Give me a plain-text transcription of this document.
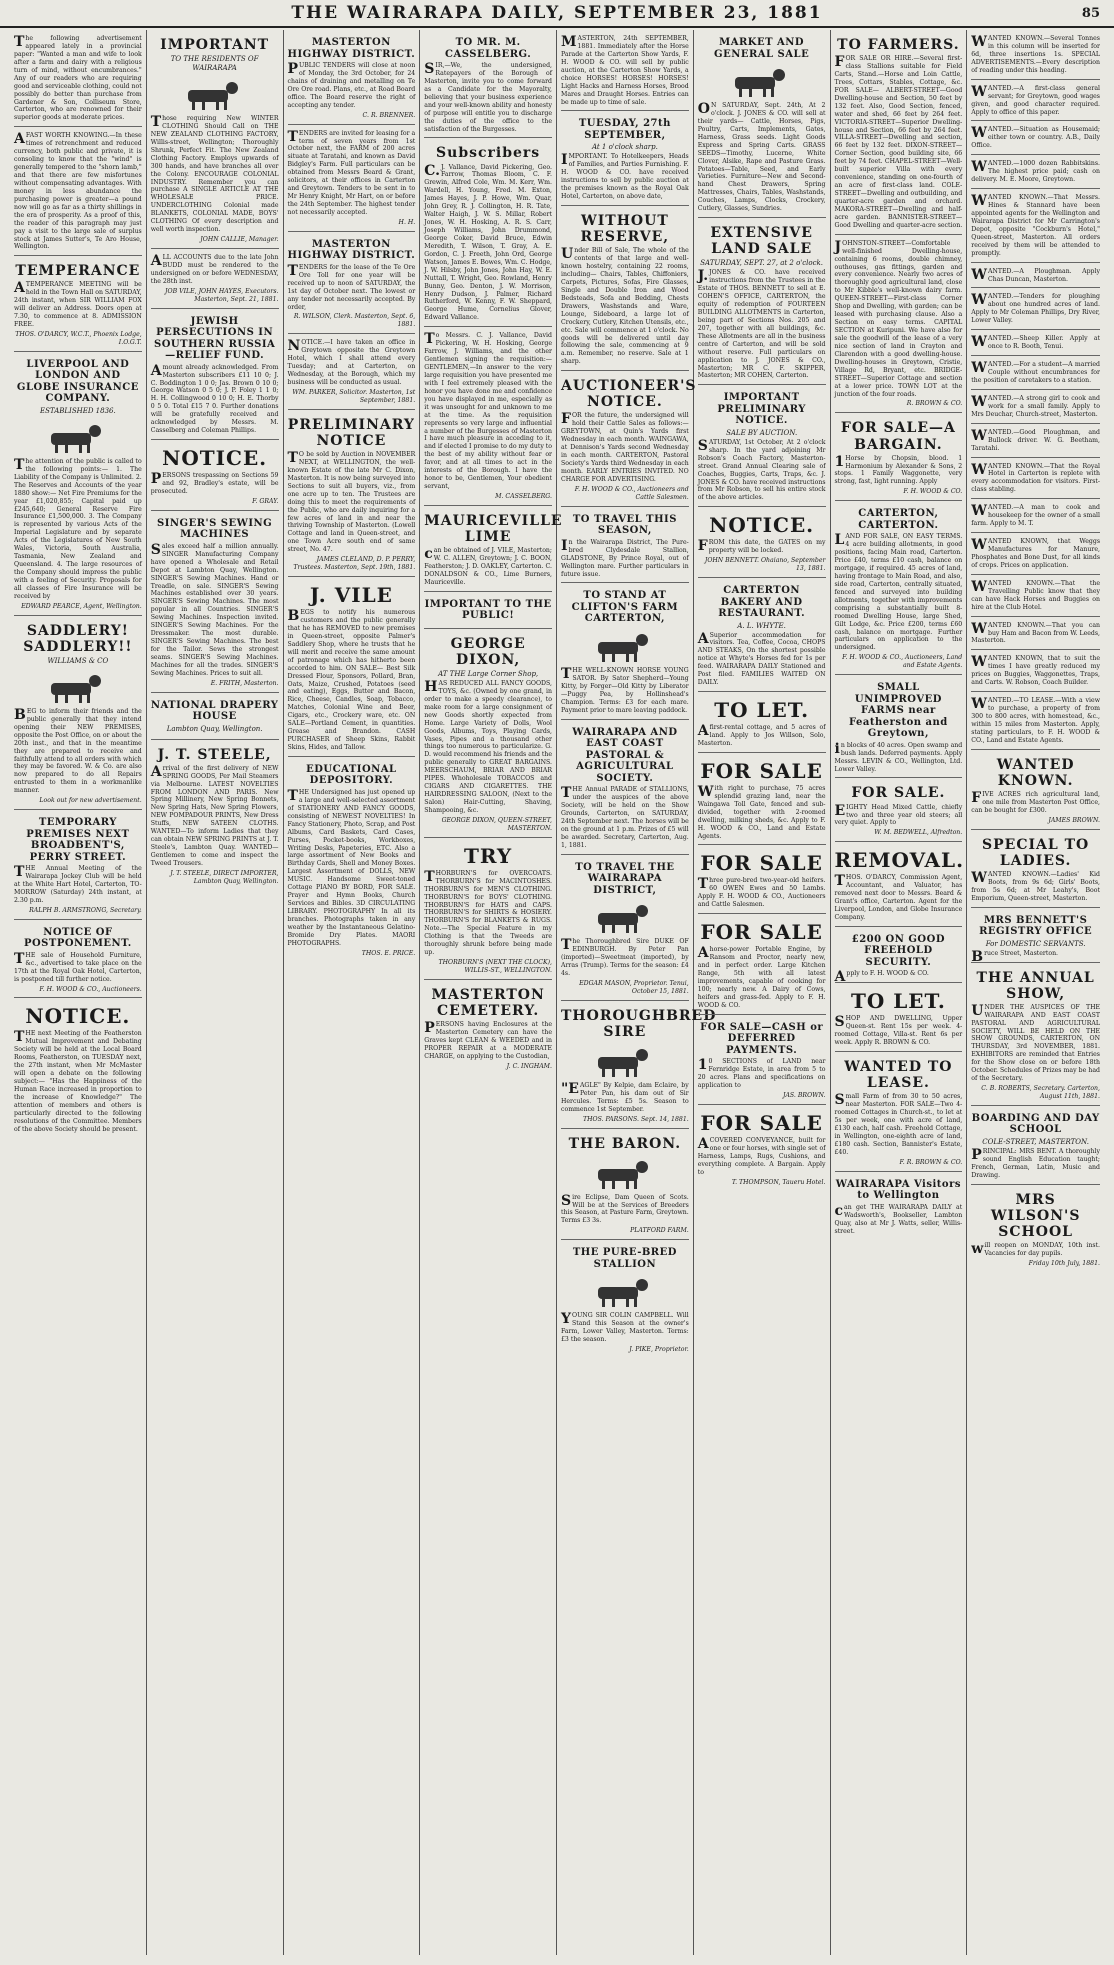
THE WAIRARAPA DAILY, SEPTEMBER 23, 1881	85
The following advertisement appeared lately in a provincial paper: "Wanted a man and wife to look after a farm and dairy with a religious turn of mind, without encumbrances." Any of our readers who are requiring good and serviceable clothing, could not possibly do better than purchase from Gardener & Son, Colliseum Store, Carterton, who are renowned for their superior goods at moderate prices.
AFAST WORTH KNOWING.—In these times of retrenchment and reduced currency, both public and private, it is consoling to know that the "wind" is generally tempered to the "shorn lamb," and that there are few misfortunes without compensating advantages. With money in less abundance the purchasing power is greater—a pound now will go as far as a thirty shillings in the era of prosperity. As a proof of this, the reader of this paragraph may just pay a visit to the large sale of surplus stock at James Sutter's, Te Aro House, Wellington.
TEMPERANCE
ATEMPERANCE MEETING will be held in the Town Hall on SATURDAY, 24th instant, when SIR WILLIAM FOX will deliver an Address. Doors open at 7.30, to commence at 8. ADMISSION FREE.
THOS. O'DARCY, W.C.T., Phoenix Lodge, I.O.G.T.
LIVERPOOL AND LONDON AND GLOBE INSURANCE COMPANY.
ESTABLISHED 1836.
The attention of the public is called to the following points:— 1. The Liability of the Company is Unlimited. 2. The Reserves and Accounts of the year 1880 show:— Net Fire Premiums for the year £1,020,855; Capital paid up £245,640; General Reserve Fire Insurance £1,500,000. 3. The Company is represented by various Acts of the Imperial Legislature and by separate Acts of the Legislatures of New South Wales, Victoria, South Australia, Tasmania, New Zealand and Queensland. 4. The large resources of the Company should impress the public with a feeling of Security. Proposals for all classes of Fire Insurance will be received by
EDWARD PEARCE, Agent, Wellington.
SADDLERY! SADDLERY!!
WILLIAMS & CO
BEG to inform their friends and the public generally that they intend opening their NEW PREMISES, opposite the Post Office, on or about the 20th inst., and that in the meantime they are prepared to receive and faithfully attend to all orders with which they may be favored. W. & Co. are also now prepared to do all Repairs entrusted to them in a workmanlike manner.
Look out for new advertisement.
TEMPORARY PREMISES NEXT BROADBENT'S, PERRY STREET.
THE Annual Meeting of the Wairarapa Jockey Club will be held at the White Hart Hotel, Carterton, TO-MORROW (Saturday) 24th instant, at 2.30 p.m.
RALPH B. ARMSTRONG, Secretary.
NOTICE OF POSTPONEMENT.
THE sale of Household Furniture, &c., advertised to take place on the 17th at the Royal Oak Hotel, Carterton, is postponed till further notice.
F. H. WOOD & CO., Auctioneers.
NOTICE.
THE next Meeting of the Featherston Mutual Improvement and Debating Society will be held at the Local Board Rooms, Featherston, on TUESDAY next, the 27th instant, when Mr McMaster will open a debate on the following subject:— "Has the Happiness of the Human Race increased in proportion to the increase of Knowledge?" The attention of members and others is particularly directed to the following resolutions of the Committee. Members of the above Society should be present.
IMPORTANT
TO THE RESIDENTS OF WAIRARAPA
Those requiring New WINTER CLOTHING Should Call on THE NEW ZEALAND CLOTHING FACTORY, Willis-street, Wellington; Thoroughly Shrunk, Perfect Fit. The New Zealand Clothing Factory. Employs upwards of 300 hands, and have branches all over the Colony. ENCOURAGE COLONIAL INDUSTRY. Remember you can purchase A SINGLE ARTICLE AT THE WHOLESALE PRICE. UNDERCLOTHING Colonial made BLANKETS, COLONIAL MADE, BOYS' CLOTHING Of every description and well worth inspection.
JOHN CALLIE, Manager.
ALL ACCOUNTS due to the late John BUDD must be rendered to the undersigned on or before WEDNESDAY, the 28th inst.
JOB VILE, JOHN HAYES, Executors. Masterton, Sept. 21, 1881.
JEWISH PERSECUTIONS IN SOUTHERN RUSSIA—RELIEF FUND.
Amount already acknowledged. From Masterton subscribers £11 10 0; J. C. Boddington 1 0 0; Jas. Brown 0 10 0; George Watson 0 5 0; J. P. Foley 1 1 0; H. H. Collingwood 0 10 0; H. E. Thorby 0 5 0. Total £15 7 0. Further donations will be gratefully received and acknowledged by Messrs. M. Casselberg and Coleman Phillips.
NOTICE.
PERSONS trespassing on Sections 59 and 92, Bradley's estate, will be prosecuted.
F. GRAY.
SINGER'S SEWING MACHINES
Sales exceed half a million annually. SINGER Manufacturing Company have opened a Wholesale and Retail Depot at Lambton Quay, Wellington. SINGER'S Sewing Machines. Hand or Treadle, on sale. SINGER'S Sewing Machines established over 30 years. SINGER'S Sewing Machines. The most popular in all Countries. SINGER'S Sewing Machines. Inspection invited. SINGER'S Sewing Machines. For the Dressmaker. The most durable. SINGER'S Sewing Machines. The best for the Tailor. Sews the strongest seams. SINGER'S Sewing Machines. Machines for all the trades. SINGER'S Sewing Machines. Prices to suit all.
E. FRITH, Masterton.
NATIONAL DRAPERY HOUSE
Lambton Quay, Wellington.
J. T. STEELE,
Arrival of the first delivery of NEW SPRING GOODS, Per Mail Steamers via Melbourne. LATEST NOVELTIES FROM LONDON AND PARIS. New Spring Millinery, New Spring Bonnets, New Spring Hats, New Spring Flowers, NEW POMPADOUR PRINTS, New Dress Stuffs, NEW SATEEN CLOTHS. WANTED—To inform Ladies that they can obtain NEW SPRING PRINTS at J. T. Steele's, Lambton Quay. WANTED—Gentlemen to come and inspect the Tweed Trousers.
J. T. STEELE, DIRECT IMPORTER, Lambton Quay, Wellington.
MASTERTON HIGHWAY DISTRICT.
PUBLIC TENDERS will close at noon of Monday, the 3rd October, for 24 chains of draining and metalling on Te Ore Ore road. Plans, etc., at Road Board office. The Board reserve the right of accepting any tender.
C. R. BRENNER.
TENDERS are invited for leasing for a term of seven years from 1st October next, the FARM of 200 acres situate at Taratahi, and known as David Bidgley's Farm. Full particulars can be obtained from Messrs Beard & Grant, solicitors, at their offices in Carterton and Greytown. Tenders to be sent in to Mr Henry Knight, Mr Hart, on or before the 24th September. The highest tender not necessarily accepted.
H. H.
MASTERTON HIGHWAY DISTRICT.
TENDERS for the lease of the Te Ore Ore Toll for one year will be received up to noon of SATURDAY, the 1st day of October next. The lowest or any tender not necessarily accepted. By order,
R. WILSON, Clerk. Masterton, Sept. 6, 1881.
NOTICE.—I have taken an office in Greytown opposite the Greytown Hotel, which I shall attend every Tuesday; and at Carterton, on Wednesday, at the Borough, which my business will be conducted as usual.
WM. PARKER, Solicitor. Masterton, 1st September, 1881.
PRELIMINARY NOTICE
TO be sold by Auction in NOVEMBER NEXT, at WELLINGTON, the well-known Estate of the late Mr C. Dixon, Masterton. It is now being surveyed into Sections to suit all buyers, viz., from one acre up to ten. The Trustees are doing this to meet the requirements of the Public, who are daily inquiring for a few acres of land in and near the thriving Township of Masterton. (Lowell Cottage and land in Queen-street, and one Town Acre south end of same street, No. 47.
JAMES CLELAND, D. P. PERRY, Trustees. Masterton, Sept. 19th, 1881.
J. VILE
BEGS to notify his numerous customers and the public generally that he has REMOVED to new premises in Queen-street, opposite Palmer's Saddlery Shop, where he trusts that he will merit and receive the same amount of patronage which has hitherto been accorded to him. ON SALE— Best Silk Dressed Flour, Sponsors, Pollard, Bran, Oats, Maize, Crushed, Potatoes (seed and eating), Eggs, Butter and Bacon, Rice, Cheese, Candles, Soap, Tobacco, Matches, Colonial Wine and Beer, Cigars, etc., Crockery ware, etc. ON SALE—Portland Cement, in quantities. Grease and Brandon. CASH PURCHASER of Sheep Skins, Rabbit Skins, Hides, and Tallow.
EDUCATIONAL DEPOSITORY.
THE Undersigned has just opened up a large and well-selected assortment of STATIONERY AND FANCY GOODS, consisting of NEWEST NOVELTIES! In Fancy Stationery, Photo, Scrap, and Post Albums, Card Baskets, Card Cases, Purses, Pocket-books, Workboxes, Writing Desks, Papeteries, ETC. Also a large assortment of New Books and Birthday Cards, Shell and Money Boxes. Largest Assortment of DOLLS, NEW MUSIC. Handsome Sweet-toned Cottage PIANO BY BORD, FOR SALE. Prayer and Hymn Books, Church Services and Bibles. 3D CIRCULATING LIBRARY. PHOTOGRAPHY In all its branches. Photographs taken in any weather by the Instantaneous Gelatino-Bromide Dry Plates. MAORI PHOTOGRAPHS.
THOS. E. PRICE.
TO MR. M. CASSELBERG.
SIR,—We, the undersigned, Ratepayers of the Borough of Masterton, invite you to come forward as a Candidate for the Mayoralty, believing that your business experience and your well-known ability and honesty of purpose will entitle you to discharge the duties of the office to the satisfaction of the Burgesses.
Subscribers
C.J. Vallance, David Pickering, Geo. Farrow, Thomas Bloom, C. F. Grewin, Alfred Cole, Wm. M. Kerr, Wm. Wardell, H. Young, Fred. M. Exton, James Hayes, J. P. Howe, Wm. Quar, John Grey, R. J. Collington, H. R. Tate, Walter Haigh, J. W. S. Millar, Robert Jones, W. H. Hosking, A. R. S. Carr, Joseph Williams, John Drummond, George Coker, David Bruce, Edwin Meredith, T. Wilson, T. Gray, A. E. Gordon, C. J. Freeth, John Ord, George Watson, James E. Bowes, Wm. C. Hodge, J. W. Hilsby, John Jones, John Hay, W. E. Nuttall, T. Wright, Geo. Rowland, Henry Bunny, Geo. Denton, J. W. Morrison, Henry Dudson, J. Palmer, Richard Rutherford, W. Kenny, F. W. Sheppard, George Hume, Cornelius Glover, Edward Vallance.
To Messrs. C. J. Vallance, David Pickering, W. H. Hosking, George Farrow, J. Williams, and the other Gentlemen signing the requisition:— GENTLEMEN,—In answer to the very large requisition you have presented me with I feel extremely pleased with the honor you have done me and confidence you have displayed in me, especially as it was unsought for and unknown to me at the time. As the requisition represents so very large and influential a number of the Burgesses of Masterton I have much pleasure in acceding to it, and if elected I promise to do my duty to the best of my ability without fear or favor, and at all times to act in the interests of the Borough. I have the honor to be, Gentlemen, Your obedient servant,
M. CASSELBERG.
MAURICEVILLE LIME
can be obtained of J. VILE, Masterton; W. C. ALLEN, Greytown; J. C. BOON, Featherston; J. D. OAKLEY, Carterton. C. DONALDSON & CO., Lime Burners, Mauriceville.
IMPORTANT TO THE PUBLIC!
GEORGE DIXON,
AT THE Large Corner Shop,
HAS REDUCED ALL FANCY GOODS, TOYS, &c. (Owned by one grand, in order to make a speedy clearance), to make room for a large consignment of new Goods shortly expected from Home. Large Variety of Dolls, Wool Goods, Albums, Toys, Playing Cards, Vases, Pipes and a thousand other things too numerous to particularize. G. D. would recommend his friends and the public generally to GREAT BARGAINS. MEERSCHAUM, BRIAR AND BRIAR PIPES. Whoholesale TOBACCOS and CIGARS AND CIGARETTES. THE HAIRDRESSING SALOON, (Next to the Salon) Hair-Cutting, Shaving, Shampooing, &c.
GEORGE DIXON, QUEEN-STREET, MASTERTON.
TRY
THORBURN'S for OVERCOATS. THORBURN'S for MACINTOSHES. THORBURN'S for MEN'S CLOTHING. THORBURN'S for BOYS' CLOTHING. THORBURN'S for HATS and CAPS. THORBURN'S for SHIRTS & HOSIERY. THORBURN'S for BLANKETS & RUGS. Note.—The Special Feature in my Clothing is that the Tweeds are thoroughly shrunk before being made up.
THORBURN'S (NEXT THE CLOCK), WILLIS-ST., WELLINGTON.
MASTERTON CEMETERY.
PERSONS having Enclosures at the Masterton Cemetery can have the Graves kept CLEAN & WEEDED and in PROPER REPAIR at a MODERATE CHARGE, on applying to the Custodian,
J. C. INGHAM.
MASTERTON, 24th SEPTEMBER, 1881. Immediately after the Horse Parade at the Carterton Show Yards, F. H. WOOD & CO. will sell by public auction, at the Carterton Show Yards, a choice HORSES! HORSES! HORSES! Light Hacks and Harness Horses, Brood Mares and Draught Horses. Entries can be made up to time of sale.
TUESDAY, 27th SEPTEMBER,
At 1 o'clock sharp.
IMPORTANT. To Hotelkeepers, Heads of Families, and Parties Furnishing. F. H. WOOD & CO. have received instructions to sell by public auction at the premises known as the Royal Oak Hotel, Carterton, on above date,
WITHOUT RESERVE,
Under Bill of Sale, The whole of the contents of that large and well-known hostelry, containing 22 rooms, including— Chairs, Tables, Chiffoniers, Carpets, Pictures, Sofas, Fire Glasses, Single and Double Iron and Wood Bedsteads, Sofa and Bedding, Chests Drawers, Washstands and Ware, Lounge, Sideboard, a large lot of Crockery, Cutlery, Kitchen Utensils, etc., etc. Sale will commence at 1 o'clock. No goods will be delivered until day following the sale, commencing at 9 a.m. Remember, no reserve. Sale at 1 sharp.
AUCTIONEER'S NOTICE.
FOR the future, the undersigned will hold their Cattle Sales as follows:— GREYTOWN, at Quin's Yards first Wednesday in each month. WAINGAWA, at Dennison's Yards second Wednesday in each month. CARTERTON, Pastoral Society's Yards third Wednesday in each month. EARLY ENTRIES INVITED. NO CHARGE FOR ADVERTISING.
F. H. WOOD & CO., Auctioneers and Cattle Salesmen.
TO TRAVEL THIS SEASON,
In the Wairarapa District, The Pure-bred Clydesdale Stallion, GLADSTONE, By Prince Royal, out of Wellington mare. Further particulars in future issue.
TO STAND AT CLIFTON'S FARM CARTERTON,
THE WELL-KNOWN HORSE YOUNG SATOR. By Sator Shepherd—Young Kitty, by Forger—Old Kitty by Liberator—Puggy Pea, by Hollinshead's Champion. Terms: £3 for each mare. Payment prior to mare leaving paddock.
WAIRARAPA AND EAST COAST PASTORAL & AGRICULTURAL SOCIETY.
THE Annual PARADE of STALLIONS, under the auspices of the above Society, will be held on the Show Grounds, Carterton, on SATURDAY, 24th September next. The horses will be on the ground at 1 p.m. Prizes of £5 will be awarded. Secretary, Carterton, Aug. 1, 1881.
TO TRAVEL THE WAIRARAPA DISTRICT,
The Thoroughbred Sire DUKE OF EDINBURGH. By Peter Pan (imported)—Sweetmeat (imported), by Arras (Trump). Terms for the season: £4 4s.
EDGAR MASON, Proprietor. Tenui, October 15, 1881.
THOROUGHBRED SIRE
"EAGLE" By Kelpie, dam Eclaire, by Peter Pan, his dam out of Sir Hercules. Terms: £5 5s. Season to commence 1st September.
THOS. PARSONS. Sept. 14, 1881.
THE BARON.
Sire Eclipse, Dam Queen of Scots. Will be at the Services of Breeders this Season, at Pasture Farm, Greytown. Terms £3 3s.
PLATFORD FARM.
THE PURE-BRED STALLION
YOUNG SIR COLIN CAMPBELL. Will Stand this Season at the owner's Farm, Lower Valley, Masterton. Terms: £3 the season.
J. PIKE, Proprietor.
MARKET AND GENERAL SALE
ON SATURDAY, Sept. 24th, At 2 o'clock. J. JONES & CO. will sell at their yards— Cattle, Horses, Pigs, Poultry, Carts, Implements, Gates, Harness, Grass seeds. Light Goods Express and Spring Carts. GRASS SEEDS—Timothy, Lucerne, White Clover, Alsike, Rape and Pasture Grass. Potatoes—Table, Seed, and Early Varieties. Furniture—New and Second-hand Chest Drawers, Spring Mattresses, Chairs, Tables, Washstands, Couches, Lamps, Clocks, Crockery, Cutlery, Glasses, Sundries.
EXTENSIVE LAND SALE
SATURDAY, SEPT. 27, at 2 o'clock.
J.JONES & CO. have received instructions from the Trustees in the Estate of THOS. BENNETT to sell at E. COHEN'S OFFICE, CARTERTON, the equity of redemption of FOURTEEN BUILDING ALLOTMENTS in Carterton, being part of Sections Nos. 205 and 207, together with all buildings, &c. These Allotments are all in the business centre of Carterton, and will be sold without reserve. Full particulars on application to J. JONES & CO., Masterton; MR C. F. SKIPPER, Masterton; MR COHEN, Carterton.
IMPORTANT PRELIMINARY NOTICE.
SALE BY AUCTION.
SATURDAY, 1st October, At 2 o'clock sharp. In the yard adjoining Mr Robson's Coach Factory, Masterton-street. Grand Annual Clearing sale of Coaches, Buggies, Carts, Traps, &c. J. JONES & CO. have received instructions from Mr Robson, to sell his entire stock of the above articles.
NOTICE.
FROM this date, the GATES on my property will be locked.
JOHN BENNETT. Ohaiano, September 13, 1881.
CARTERTON BAKERY AND RESTAURANT.
A. L. WHYTE.
ASuperior accommodation for visitors. Tea, Coffee, Cocoa, CHOPS AND STEAKS, On the shortest possible notice at Whyte's Horses fed for 1s per feed. WAIRARAPA DAILY Stationed and Post filed. FAMILIES WAITED ON DAILY.
TO LET.
Afirst-rental cottage, and 5 acres of land. Apply to Jos Willson, Solo, Masterton.
FOR SALE
With right to purchase, 75 acres splendid grazing land, near the Waingawa Toll Gate, fenced and sub-divided, together with 2-roomed dwelling, milking sheds, &c. Apply to F. H. WOOD & CO., Land and Estate Agents.
FOR SALE
Three pure-bred two-year-old heifers. 60 OWEN Ewes and 50 Lambs. Apply F. H. WOOD & CO., Auctioneers and Cattle Salesmen.
FOR SALE
Ahorse-power Portable Engine, by Ransom and Proctor, nearly new, and in perfect order. Large Kitchen Range, 5th with all latest improvements, capable of cooking for 100; nearly new. A Dairy of Cows, heifers and grass-fed. Apply to F. H. WOOD & CO.
FOR SALE—CASH or DEFERRED PAYMENTS.
10 SECTIONS of LAND near Fernridge Estate, in area from 5 to 20 acres. Plans and specifications on application to
JAS. BROWN.
FOR SALE
ACOVERED CONVEYANCE, built for one or four horses, with single set of Harness, Lamps, Rugs, Cushions, and everything complete. A Bargain. Apply to
T. THOMPSON, Taueru Hotel.
TO FARMERS.
FOR SALE OR HIRE.—Several first-class Stallions suitable for Field Carts, Stand.—Horse and Loin Cattle, Trees, Cottars, Stables, Cottage, &c. FOR SALE— ALBERT-STREET—Good Dwelling-house and Section, 50 feet by 132 feet. Also, Good Section, fenced, water and shed, 66 feet by 264 feet. VICTORIA-STREET—Superior Dwelling-house and Section, 66 feet by 264 feet. VILLA-STREET—Dwelling and section, 66 feet by 132 feet. DIXON-STREET—Corner Section, good building site, 66 feet by 74 feet. CHAPEL-STREET—Well-built superior Villa with every convenience, standing on one-fourth of an acre of first-class land. COLE-STREET—Dwelling and outbuilding, and quarter-acre garden and orchard. MAKORA-STREET—Dwelling and half-acre garden. BANNISTER-STREET—Good Dwelling and quarter-acre section.
JOHNSTON-STREET—Comfortable well-finished Dwelling-house, containing 6 rooms, double chimney, outhouses, gas fittings, garden and every convenience. Nearly two acres of thoroughly good agricultural land, close to Mr Kibble's well-known dairy farm. QUEEN-STREET—First-class Corner Shop and Dwelling, with garden; can be leased with purchasing clause. Also a Section on easy terms. CAPITAL SECTION at Kuripuni. We have also for sale the goodwill of the lease of a very nice section of land in Crayton and Clarendon with a good dwelling-house. Dwelling-houses in Greytown, Cristie, Village Rd, Bryant, etc. BRIDGE-STREET—Superior Cottage and section at a lower price. TOWN LOT at the junction of the four roads.
R. BROWN & CO.
FOR SALE—A BARGAIN.
1Horse by Chopsin, blood. 1 Harmonium by Alexander & Sons, 2 stops. 1 Family Waggonette, very strong, fast, light running. Apply
F. H. WOOD & CO.
CARTERTON, CARTERTON.
LAND FOR SALE, ON EASY TERMS. 4 acre building allotments, in good positions, facing Main road, Carterton. Price £40, terms £10 cash, balance on mortgage, if required. 45 acres of land, having frontage to Main Road, and also, side road, Carterton, centrally situated, fenced and surveyed into building allotments, together with improvements comprising a substantially built 8-roomed Dwelling House, large Shed, Gilt Lodge, &c. Price £200, terms £60 cash, balance on mortgage. Further particulars on application to the undersigned.
F. H. WOOD & CO., Auctioneers, Land and Estate Agents.
SMALL UNIMPROVED FARMS near Featherston and Greytown,
in blocks of 40 acres. Open swamp and bush lands. Deferred payments. Apply Messrs. LEVIN & CO., Wellington, Ltd. Lower Valley.
FOR SALE.
EIGHTY Head Mixed Cattle, chiefly two and three year old steers; all very quiet. Apply to
W. M. BEDWELL, Alfredton.
REMOVAL.
THOS. O'DARCY, Commission Agent, Accountant, and Valuator, has removed next door to Messrs. Beard & Grant's office, Carterton. Agent for the Liverpool, London, and Globe Insurance Company.
£200 ON GOOD FREEHOLD SECURITY.
Apply to F. H. WOOD & CO.
TO LET.
SHOP AND DWELLING, Upper Queen-st. Rent 15s per week. 4-roomed Cottage, Villa-st. Rent 6s per week. Apply R. BROWN & CO.
WANTED TO LEASE.
Small Farm of from 30 to 50 acres, near Masterton. FOR SALE—Two 4-roomed Cottages in Church-st., to let at 5s per week, one with acre of land, £130 each, half cash. Freehold Cottage, in Wellington, one-eighth acre of land, £180 cash. Section, Bannister's Estate, £40.
F. R. BROWN & CO.
WAIRARAPA Visitors to Wellington
can get THE WAIRARAPA DAILY at Wadsworth's, Bookseller, Lambton Quay, also at Mr J. Watts, seller, Willis-street.
WANTED KNOWN.—Several Tonnes in this column will be inserted for 6d, three insertions 1s. SPECIAL ADVERTISEMENTS.—Every description of reading under this heading.
WANTED.—A first-class general servant; for Greytown, good wages given, and good character required. Apply to office of this paper.
WANTED.—Situation as Housemaid; either town or country. A.B., Daily Office.
WANTED.—1000 dozen Rabbitskins. The highest price paid; cash on delivery. M. E. Moore, Greytown.
WANTED KNOWN.—That Messrs. Hines & Stannard have been appointed agents for the Wellington and Wairarapa District for Mr Carrington's Depot, opposite "Cockburn's Hotel," Queen-street, Masterton. All orders received by them will be attended to promptly.
WANTED.—A Ploughman. Apply Chas Duncan, Masterton.
WANTED.—Tenders for ploughing about one hundred acres of land. Apply to Mr Coleman Phillips, Dry River, Lower Valley.
WANTED.—Sheep Killer. Apply at once to R. Booth, Tenui.
WANTED.—For a student—A married Couple without encumbrances for the position of caretakers to a station.
WANTED.—A strong girl to cook and work for a small family. Apply to Mrs Deuchar, Church-street, Masterton.
WANTED.—Good Ploughman, and Bullock driver. W. G. Beetham, Taratahi.
WANTED KNOWN.—That the Royal Hotel in Carterton is replete with every accommodation for visitors. First-class stabling.
WANTED.—A man to cook and housekeep for the owner of a small farm. Apply to M. T.
WANTED KNOWN, that Weggs Manufactures for Manure, Phosphates and Bone Dust, for all kinds of crops. Prices on application.
WANTED KNOWN.—That the Travelling Public know that they can have Hack Horses and Buggies on hire at the Club Hotel.
WANTED KNOWN.—That you can buy Ham and Bacon from W. Leeds, Masterton.
WANTED KNOWN, that to suit the times I have greatly reduced my prices on Buggies, Waggonettes, Traps, and Carts. W. Robson, Coach Builder.
WANTED.—TO LEASE.—With a view to purchase, a property of from 300 to 800 acres, with homestead, &c., within 15 miles from Masterton. Apply, stating particulars, to F. H. WOOD & CO., Land and Estate Agents.
WANTED KNOWN.
FIVE ACRES rich agricultural land, one mile from Masterton Post Office, can be bought for £300.
JAMES BROWN.
SPECIAL TO LADIES.
WANTED KNOWN.—Ladies' Kid Boots, from 9s 6d; Girls' Boots, from 5s 6d; at Mr Leahy's, Boot Emporium, Queen-street, Masterton.
MRS BENNETT'S REGISTRY OFFICE
For DOMESTIC SERVANTS.
Bruce Street, Masterton.
THE ANNUAL SHOW,
UNDER THE AUSPICES OF THE WAIRARAPA AND EAST COAST PASTORAL AND AGRICULTURAL SOCIETY, WILL BE HELD ON THE SHOW GROUNDS, CARTERTON, ON THURSDAY, 3rd NOVEMBER, 1881. EXHIBITORS are reminded that Entries for the Show close on or before 18th October. Schedules of Prizes may be had of the Secretary.
C. B. ROBERTS, Secretary. Carterton, August 11th, 1881.
BOARDING AND DAY SCHOOL
COLE-STREET, MASTERTON.
PRINCIPAL: MRS BENT. A thoroughly sound English Education taught; French, German, Latin, Music and Drawing.
MRS WILSON'S SCHOOL
will reopen on MONDAY, 10th inst. Vacancies for day pupils.
Friday 10th July, 1881.
